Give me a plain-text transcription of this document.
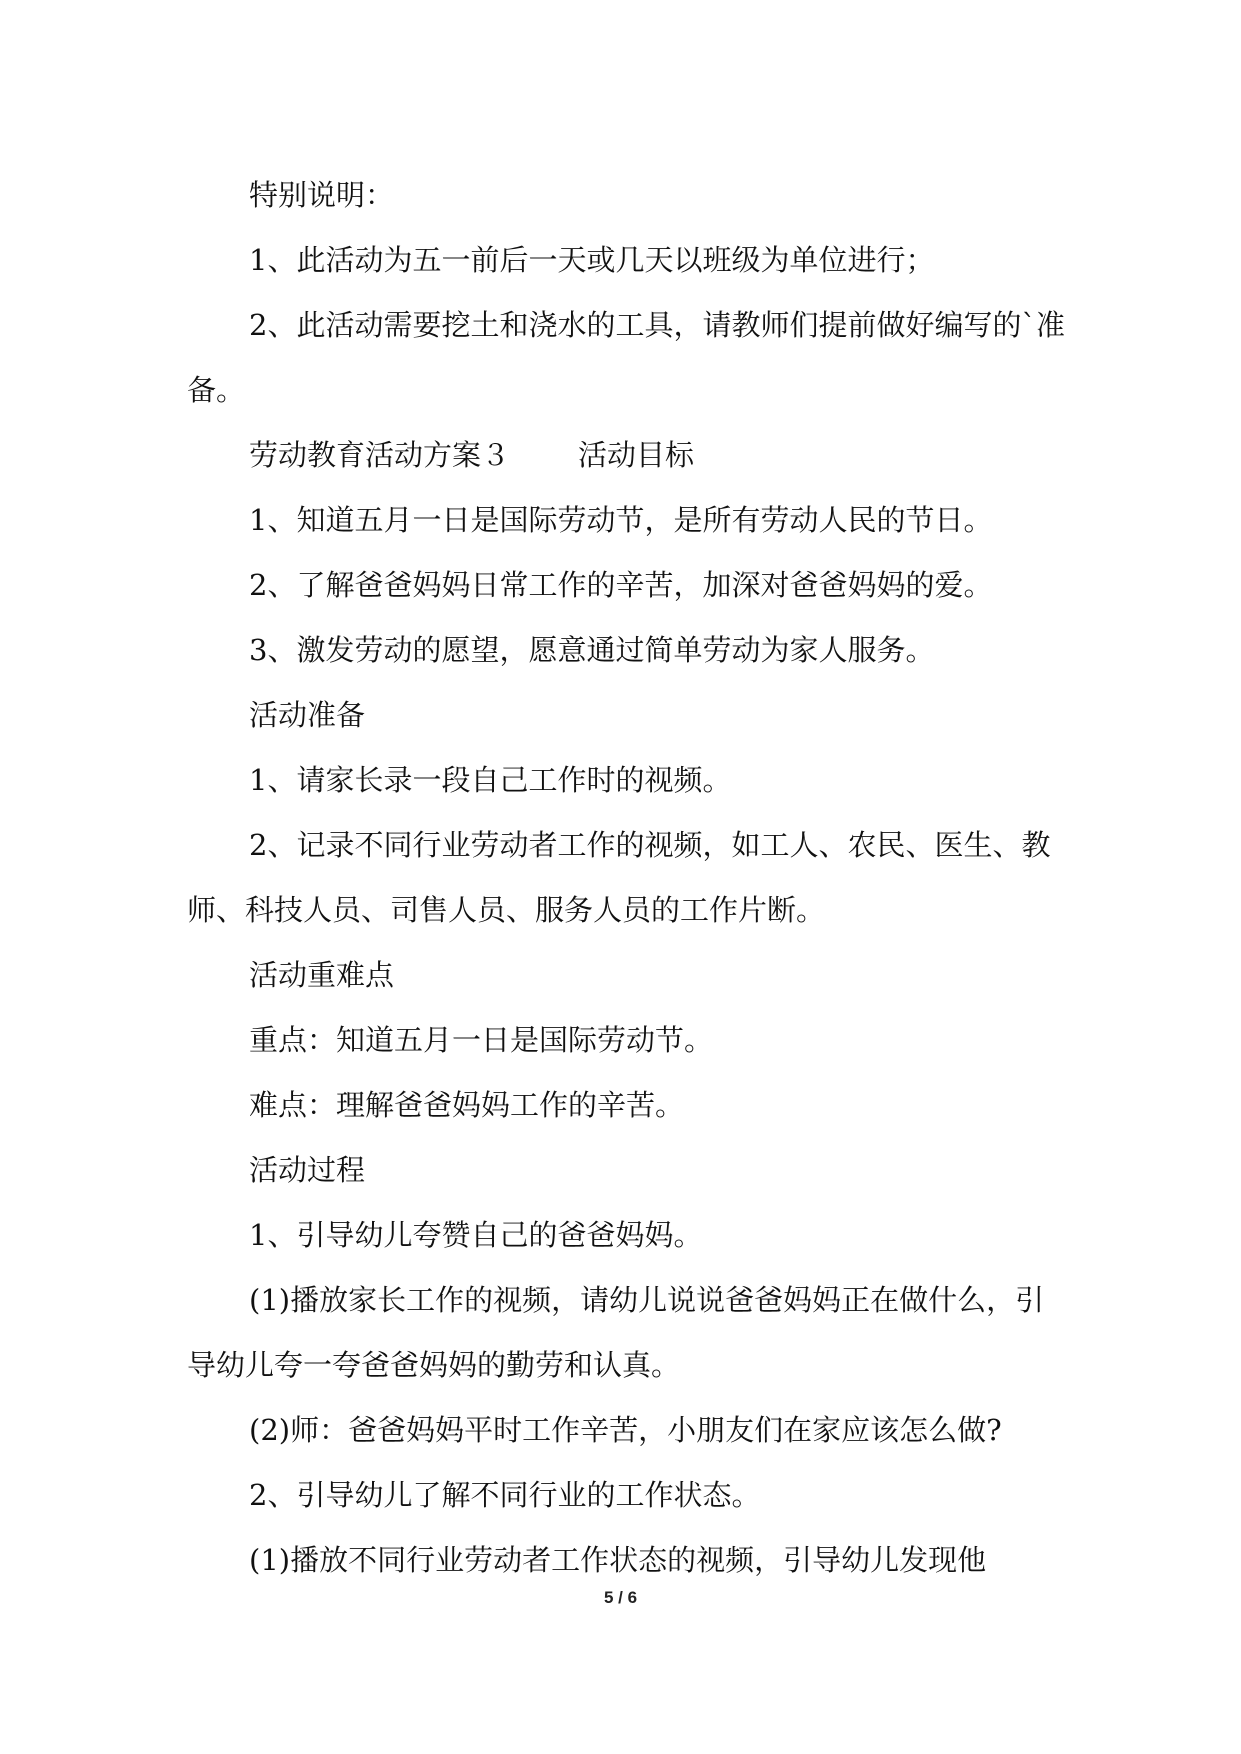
特别说明：

1、此活动为五一前后一天或几天以班级为单位进行；

2、此活动需要挖土和浇水的工具，请教师们提前做好编写的`准备。

劳动教育活动方案３ 活动目标

1、知道五月一日是国际劳动节，是所有劳动人民的节日。

2、了解爸爸妈妈日常工作的辛苦，加深对爸爸妈妈的爱。

3、激发劳动的愿望，愿意通过简单劳动为家人服务。

活动准备

1、请家长录一段自己工作时的视频。

2、记录不同行业劳动者工作的视频，如工人、农民、医生、教师、科技人员、司售人员、服务人员的工作片断。

活动重难点

重点：知道五月一日是国际劳动节。

难点：理解爸爸妈妈工作的辛苦。

活动过程

1、引导幼儿夸赞自己的爸爸妈妈。

(1)播放家长工作的视频，请幼儿说说爸爸妈妈正在做什么，引导幼儿夸一夸爸爸妈妈的勤劳和认真。

(2)师：爸爸妈妈平时工作辛苦，小朋友们在家应该怎么做?

2、引导幼儿了解不同行业的工作状态。

(1)播放不同行业劳动者工作状态的视频，引导幼儿发现他

5 / 6
